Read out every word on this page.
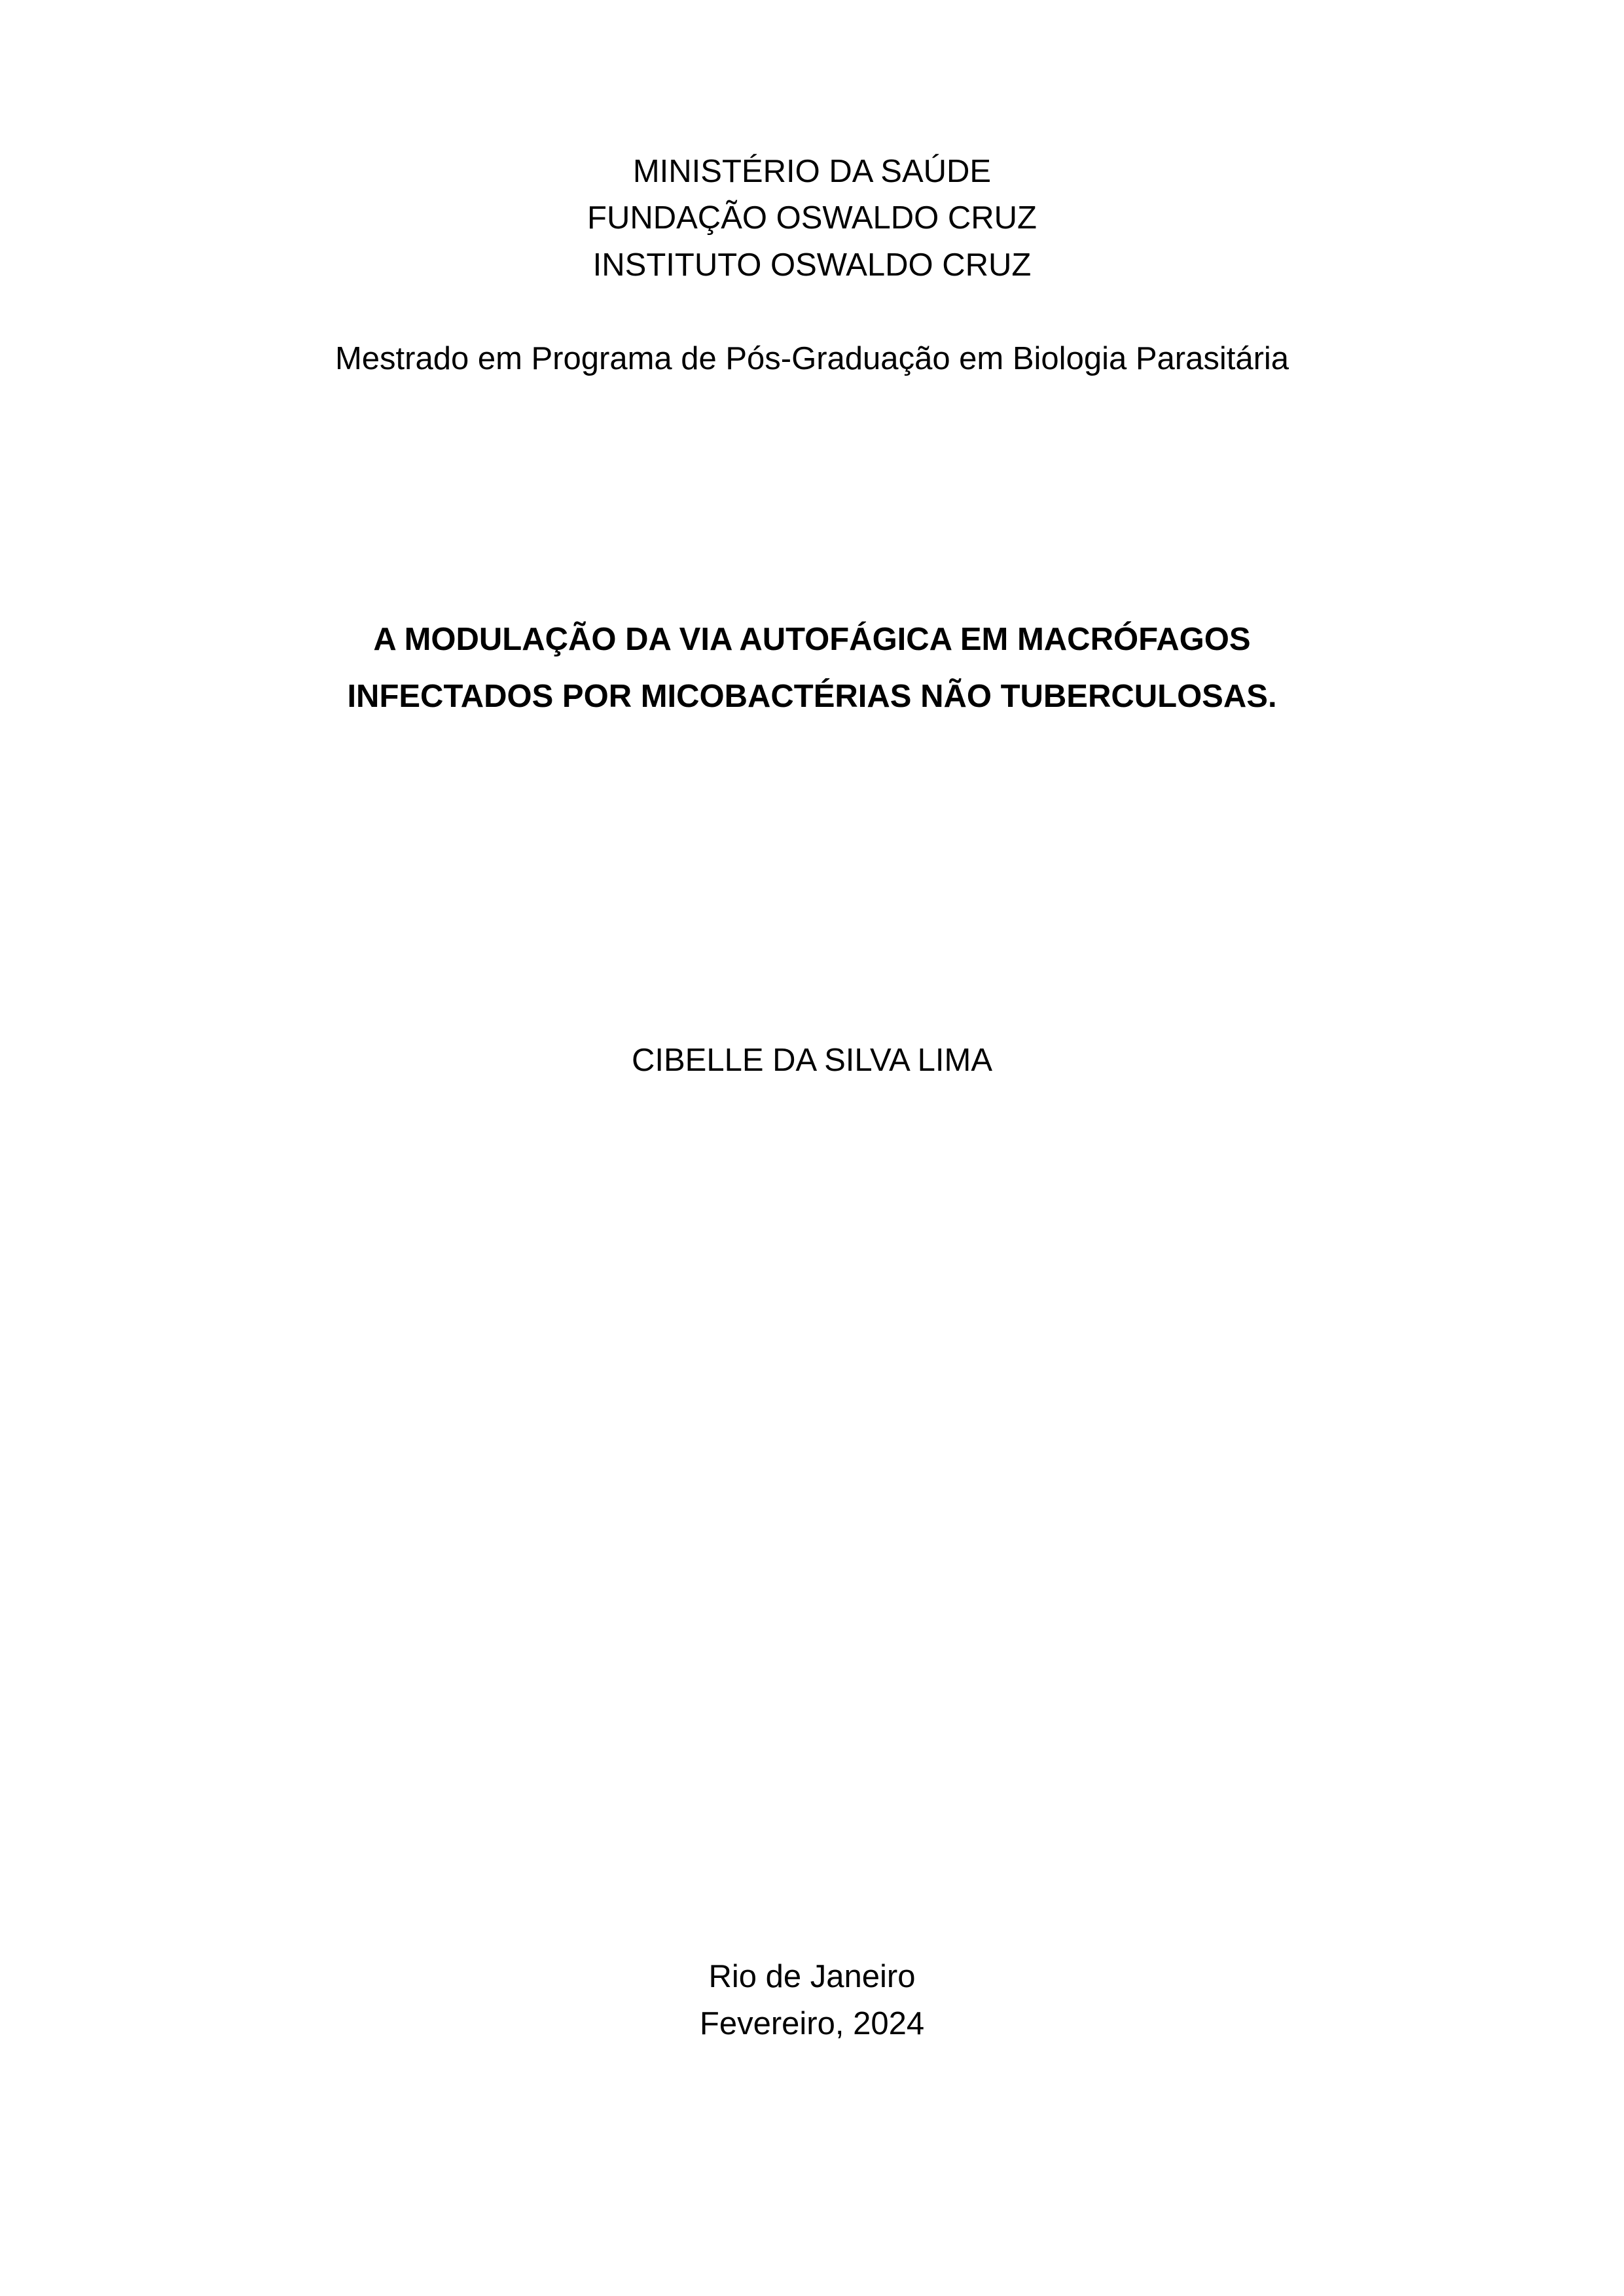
MINISTÉRIO DA SAÚDE
FUNDAÇÃO OSWALDO CRUZ
INSTITUTO OSWALDO CRUZ
Mestrado em Programa de Pós-Graduação em Biologia Parasitária
A MODULAÇÃO DA VIA AUTOFÁGICA EM MACRÓFAGOS
INFECTADOS POR MICOBACTÉRIAS NÃO TUBERCULOSAS.
CIBELLE DA SILVA LIMA
Rio de Janeiro
Fevereiro, 2024
